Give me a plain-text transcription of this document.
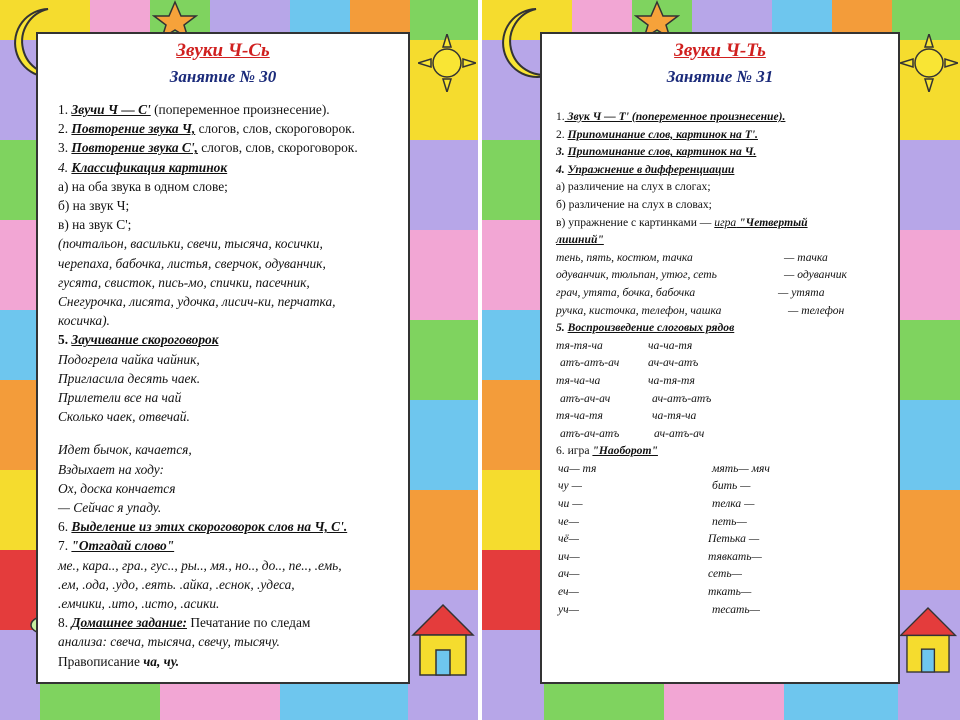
Звуки Ч-Сь
Занятие № 30
1. Звучи Ч — С' (попеременное произнесение).
2. Повторение звука Ч, слогов, слов, скороговорок.
3. Повторение звука С', слогов, слов, скороговорок.
4. Классификация картинок
а) на оба звука в одном слове;
б) на звук Ч;
в) на звук С';
(почтальон, васильки, свечи, тысяча, косички,
черепаха, бабочка, листья, сверчок, одуванчик,
гусята, свисток, пись-мо, спички, пасечник,
Снегурочка, лисята, удочка, лисич-ки, перчатка,
косичка).
5. Заучивание скороговорок
Подогрела чайка чайник,
Пригласила десять чаек.
Прилетели все на чай
Сколько чаек, отвечай.
Идет бычок, качается,
Вздыхает на ходу:
Ох, доска кончается
— Сейчас я упаду.
6. Выделение из этих скороговорок слов на Ч, С'.
7. "Отгадай слово"
ме., кара.., гра., гус.., ры.., мя., но.., до.., пе.., .емь,
.ем, .ода, .удо, .еять. .айка, .еснок, .удеса,
.емчики, .ито, .исто, .асики.
8. Домашнее задание: Печатание по следам
анализа: свеча, тысяча, свечу, тысячу.
Правописание ча, чу.
Звуки Ч-Ть
Занятие № 31
1. Звук Ч — Т' (попеременное произнесение).
2. Припоминание слов, картинок на Т'.
3. Припоминание слов, картинок на Ч.
4. Упражнение в дифференциации
а) различение на слух в слогах;
б) различение на слух в словах;
в) упражнение с картинками — игра "Четвертый
лишний"
тень, пять, костюм, тачка	— тачка
одуванчик, тюльпан, утюг, сеть	— одуванчик
грач, утята, бочка, бабочка	— утята
ручка, кисточка, телефон, чашка	— телефон
5. Воспроизведение слоговых рядов
тя-тя-ча	ча-ча-тя
атъ-атъ-ач ач-ач-атъ
тя-ча-ча	ча-тя-тя
атъ-ач-ач	ач-атъ-атъ
тя-ча-тя	ча-тя-ча
атъ-ач-атъ	ач-атъ-ач
6. игра "Наоборот"
ча— тя	мять— мяч
чу —	бить —
чи —	телка —
че—	петь—
чё—	Петька —
ич—	тявкать—
ач—	сеть—
еч—	ткать—
уч—	тесать—
